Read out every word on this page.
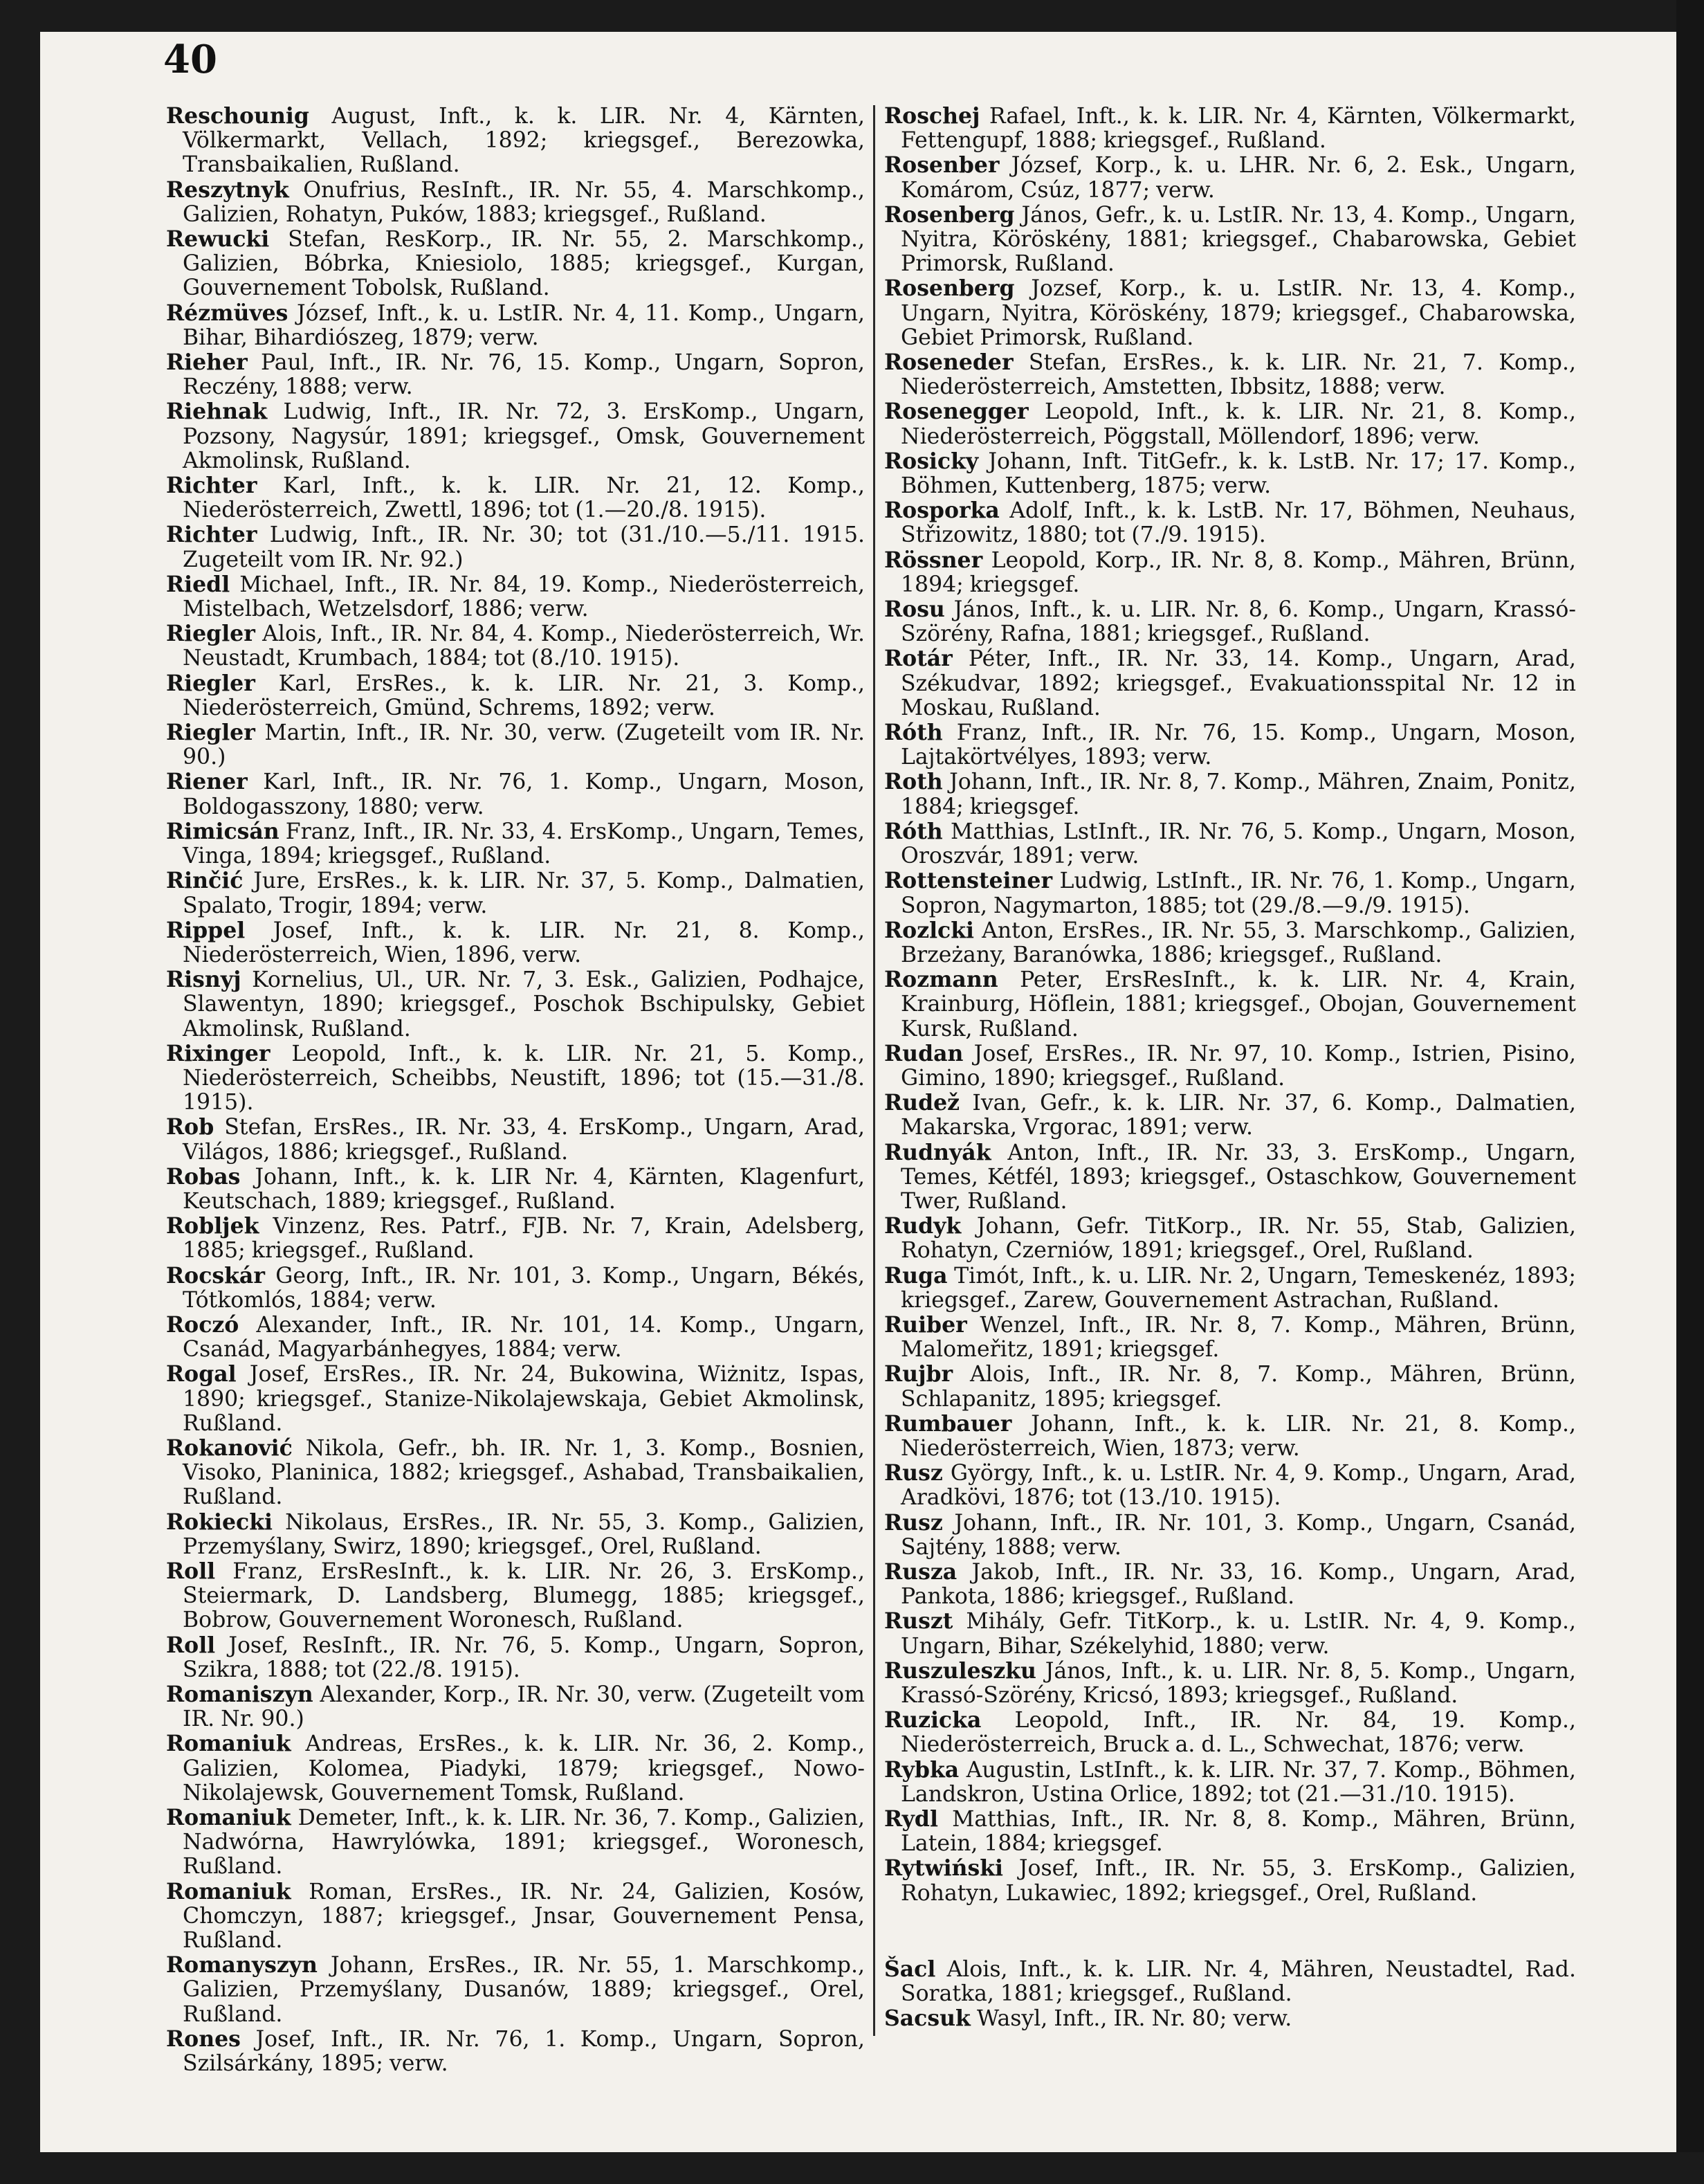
40

Reschounig August, Inft., k. k. LIR. Nr. 4, Kärnten, Völkermarkt, Vellach, 1892; kriegsgef., Berezowka, Transbaikalien, Rußland.

Reszytnyk Onufrius, ResInft., IR. Nr. 55, 4. Marschkomp., Galizien, Rohatyn, Puków, 1883; kriegsgef., Rußland.

Rewucki Stefan, ResKorp., IR. Nr. 55, 2. Marschkomp., Galizien, Bóbrka, Kniesiolo, 1885; kriegsgef., Kurgan, Gouvernement Tobolsk, Rußland.

Rézmüves József, Inft., k. u. LstIR. Nr. 4, 11. Komp., Ungarn, Bihar, Bihardiószeg, 1879; verw.

Rieher Paul, Inft., IR. Nr. 76, 15. Komp., Ungarn, Sopron, Reczény, 1888; verw.

Riehnak Ludwig, Inft., IR. Nr. 72, 3. ErsKomp., Ungarn, Pozsony, Nagysúr, 1891; kriegsgef., Omsk, Gouvernement Akmolinsk, Rußland.

Richter Karl, Inft., k. k. LIR. Nr. 21, 12. Komp., Niederösterreich, Zwettl, 1896; tot (1.—20./8. 1915).

Richter Ludwig, Inft., IR. Nr. 30; tot (31./10.—5./11. 1915. Zugeteilt vom IR. Nr. 92.)

Riedl Michael, Inft., IR. Nr. 84, 19. Komp., Niederösterreich, Mistelbach, Wetzelsdorf, 1886; verw.

Riegler Alois, Inft., IR. Nr. 84, 4. Komp., Niederösterreich, Wr. Neustadt, Krumbach, 1884; tot (8./10. 1915).

Riegler Karl, ErsRes., k. k. LIR. Nr. 21, 3. Komp., Niederösterreich, Gmünd, Schrems, 1892; verw.

Riegler Martin, Inft., IR. Nr. 30, verw. (Zugeteilt vom IR. Nr. 90.)

Riener Karl, Inft., IR. Nr. 76, 1. Komp., Ungarn, Moson, Boldogasszony, 1880; verw.

Rimicsán Franz, Inft., IR. Nr. 33, 4. ErsKomp., Ungarn, Temes, Vinga, 1894; kriegsgef., Rußland.

Rinčić Jure, ErsRes., k. k. LIR. Nr. 37, 5. Komp., Dalmatien, Spalato, Trogir, 1894; verw.

Rippel Josef, Inft., k. k. LIR. Nr. 21, 8. Komp., Niederösterreich, Wien, 1896, verw.

Risnyj Kornelius, Ul., UR. Nr. 7, 3. Esk., Galizien, Podhajce, Slawentyn, 1890; kriegsgef., Poschok Bschipulsky, Gebiet Akmolinsk, Rußland.

Rixinger Leopold, Inft., k. k. LIR. Nr. 21, 5. Komp., Niederösterreich, Scheibbs, Neustift, 1896; tot (15.—31./8. 1915).

Rob Stefan, ErsRes., IR. Nr. 33, 4. ErsKomp., Ungarn, Arad, Világos, 1886; kriegsgef., Rußland.

Robas Johann, Inft., k. k. LIR Nr. 4, Kärnten, Klagenfurt, Keutschach, 1889; kriegsgef., Rußland.

Robljek Vinzenz, Res. Patrf., FJB. Nr. 7, Krain, Adelsberg, 1885; kriegsgef., Rußland.

Rocskár Georg, Inft., IR. Nr. 101, 3. Komp., Ungarn, Békés, Tótkomlós, 1884; verw.

Roczó Alexander, Inft., IR. Nr. 101, 14. Komp., Ungarn, Csanád, Magyarbánhegyes, 1884; verw.

Rogal Josef, ErsRes., IR. Nr. 24, Bukowina, Wiżnitz, Ispas, 1890; kriegsgef., Stanize-Nikolajewskaja, Gebiet Akmolinsk, Rußland.

Rokanović Nikola, Gefr., bh. IR. Nr. 1, 3. Komp., Bosnien, Visoko, Planinica, 1882; kriegsgef., Ashabad, Transbaikalien, Rußland.

Rokiecki Nikolaus, ErsRes., IR. Nr. 55, 3. Komp., Galizien, Przemyślany, Swirz, 1890; kriegsgef., Orel, Rußland.

Roll Franz, ErsResInft., k. k. LIR. Nr. 26, 3. ErsKomp., Steiermark, D. Landsberg, Blumegg, 1885; kriegsgef., Bobrow, Gouvernement Woronesch, Rußland.

Roll Josef, ResInft., IR. Nr. 76, 5. Komp., Ungarn, Sopron, Szikra, 1888; tot (22./8. 1915).

Romaniszyn Alexander, Korp., IR. Nr. 30, verw. (Zugeteilt vom IR. Nr. 90.)

Romaniuk Andreas, ErsRes., k. k. LIR. Nr. 36, 2. Komp., Galizien, Kolomea, Piadyki, 1879; kriegsgef., Nowo-Nikolajewsk, Gouvernement Tomsk, Rußland.

Romaniuk Demeter, Inft., k. k. LIR. Nr. 36, 7. Komp., Galizien, Nadwórna, Hawrylówka, 1891; kriegsgef., Woronesch, Rußland.

Romaniuk Roman, ErsRes., IR. Nr. 24, Galizien, Kosów, Chomczyn, 1887; kriegsgef., Jnsar, Gouvernement Pensa, Rußland.

Romanyszyn Johann, ErsRes., IR. Nr. 55, 1. Marschkomp., Galizien, Przemyślany, Dusanów, 1889; kriegsgef., Orel, Rußland.

Rones Josef, Inft., IR. Nr. 76, 1. Komp., Ungarn, Sopron, Szilsárkány, 1895; verw.

Roschej Rafael, Inft., k. k. LIR. Nr. 4, Kärnten, Völkermarkt, Fettengupf, 1888; kriegsgef., Rußland.

Rosenber József, Korp., k. u. LHR. Nr. 6, 2. Esk., Ungarn, Komárom, Csúz, 1877; verw.

Rosenberg János, Gefr., k. u. LstIR. Nr. 13, 4. Komp., Ungarn, Nyitra, Köröskény, 1881; kriegsgef., Chabarowska, Gebiet Primorsk, Rußland.

Rosenberg Jozsef, Korp., k. u. LstIR. Nr. 13, 4. Komp., Ungarn, Nyitra, Köröskény, 1879; kriegsgef., Chabarowska, Gebiet Primorsk, Rußland.

Roseneder Stefan, ErsRes., k. k. LIR. Nr. 21, 7. Komp., Niederösterreich, Amstetten, Ibbsitz, 1888; verw.

Rosenegger Leopold, Inft., k. k. LIR. Nr. 21, 8. Komp., Niederösterreich, Pöggstall, Möllendorf, 1896; verw.

Rosicky Johann, Inft. TitGefr., k. k. LstB. Nr. 17; 17. Komp., Böhmen, Kuttenberg, 1875; verw.

Rosporka Adolf, Inft., k. k. LstB. Nr. 17, Böhmen, Neuhaus, Střizowitz, 1880; tot (7./9. 1915).

Rössner Leopold, Korp., IR. Nr. 8, 8. Komp., Mähren, Brünn, 1894; kriegsgef.

Rosu János, Inft., k. u. LIR. Nr. 8, 6. Komp., Ungarn, Krassó-Szörény, Rafna, 1881; kriegsgef., Rußland.

Rotár Péter, Inft., IR. Nr. 33, 14. Komp., Ungarn, Arad, Székudvar, 1892; kriegsgef., Evakuationsspital Nr. 12 in Moskau, Rußland.

Róth Franz, Inft., IR. Nr. 76, 15. Komp., Ungarn, Moson, Lajtakörtvélyes, 1893; verw.

Roth Johann, Inft., IR. Nr. 8, 7. Komp., Mähren, Znaim, Ponitz, 1884; kriegsgef.

Róth Matthias, LstInft., IR. Nr. 76, 5. Komp., Ungarn, Moson, Oroszvár, 1891; verw.

Rottensteiner Ludwig, LstInft., IR. Nr. 76, 1. Komp., Ungarn, Sopron, Nagymarton, 1885; tot (29./8.—9./9. 1915).

Rozlcki Anton, ErsRes., IR. Nr. 55, 3. Marschkomp., Galizien, Brzeżany, Baranówka, 1886; kriegsgef., Rußland.

Rozmann Peter, ErsResInft., k. k. LIR. Nr. 4, Krain, Krainburg, Höflein, 1881; kriegsgef., Obojan, Gouvernement Kursk, Rußland.

Rudan Josef, ErsRes., IR. Nr. 97, 10. Komp., Istrien, Pisino, Gimino, 1890; kriegsgef., Rußland.

Rudež Ivan, Gefr., k. k. LIR. Nr. 37, 6. Komp., Dalmatien, Makarska, Vrgorac, 1891; verw.

Rudnyák Anton, Inft., IR. Nr. 33, 3. ErsKomp., Ungarn, Temes, Kétfél, 1893; kriegsgef., Ostaschkow, Gouvernement Twer, Rußland.

Rudyk Johann, Gefr. TitKorp., IR. Nr. 55, Stab, Galizien, Rohatyn, Czerniów, 1891; kriegsgef., Orel, Rußland.

Ruga Timót, Inft., k. u. LIR. Nr. 2, Ungarn, Temeskenéz, 1893; kriegsgef., Zarew, Gouvernement Astrachan, Rußland.

Ruiber Wenzel, Inft., IR. Nr. 8, 7. Komp., Mähren, Brünn, Malomeřitz, 1891; kriegsgef.

Rujbr Alois, Inft., IR. Nr. 8, 7. Komp., Mähren, Brünn, Schlapanitz, 1895; kriegsgef.

Rumbauer Johann, Inft., k. k. LIR. Nr. 21, 8. Komp., Niederösterreich, Wien, 1873; verw.

Rusz György, Inft., k. u. LstIR. Nr. 4, 9. Komp., Ungarn, Arad, Aradkövi, 1876; tot (13./10. 1915).

Rusz Johann, Inft., IR. Nr. 101, 3. Komp., Ungarn, Csanád, Sajtény, 1888; verw.

Rusza Jakob, Inft., IR. Nr. 33, 16. Komp., Ungarn, Arad, Pankota, 1886; kriegsgef., Rußland.

Ruszt Mihály, Gefr. TitKorp., k. u. LstIR. Nr. 4, 9. Komp., Ungarn, Bihar, Székelyhid, 1880; verw.

Ruszuleszku János, Inft., k. u. LIR. Nr. 8, 5. Komp., Ungarn, Krassó-Szörény, Kricsó, 1893; kriegsgef., Rußland.

Ruzicka Leopold, Inft., IR. Nr. 84, 19. Komp., Niederösterreich, Bruck a. d. L., Schwechat, 1876; verw.

Rybka Augustin, LstInft., k. k. LIR. Nr. 37, 7. Komp., Böhmen, Landskron, Ustina Orlice, 1892; tot (21.—31./10. 1915).

Rydl Matthias, Inft., IR. Nr. 8, 8. Komp., Mähren, Brünn, Latein, 1884; kriegsgef.

Rytwiński Josef, Inft., IR. Nr. 55, 3. ErsKomp., Galizien, Rohatyn, Lukawiec, 1892; kriegsgef., Orel, Rußland.

Šacl Alois, Inft., k. k. LIR. Nr. 4, Mähren, Neustadtel, Rad. Soratka, 1881; kriegsgef., Rußland.

Sacsuk Wasyl, Inft., IR. Nr. 80; verw.
